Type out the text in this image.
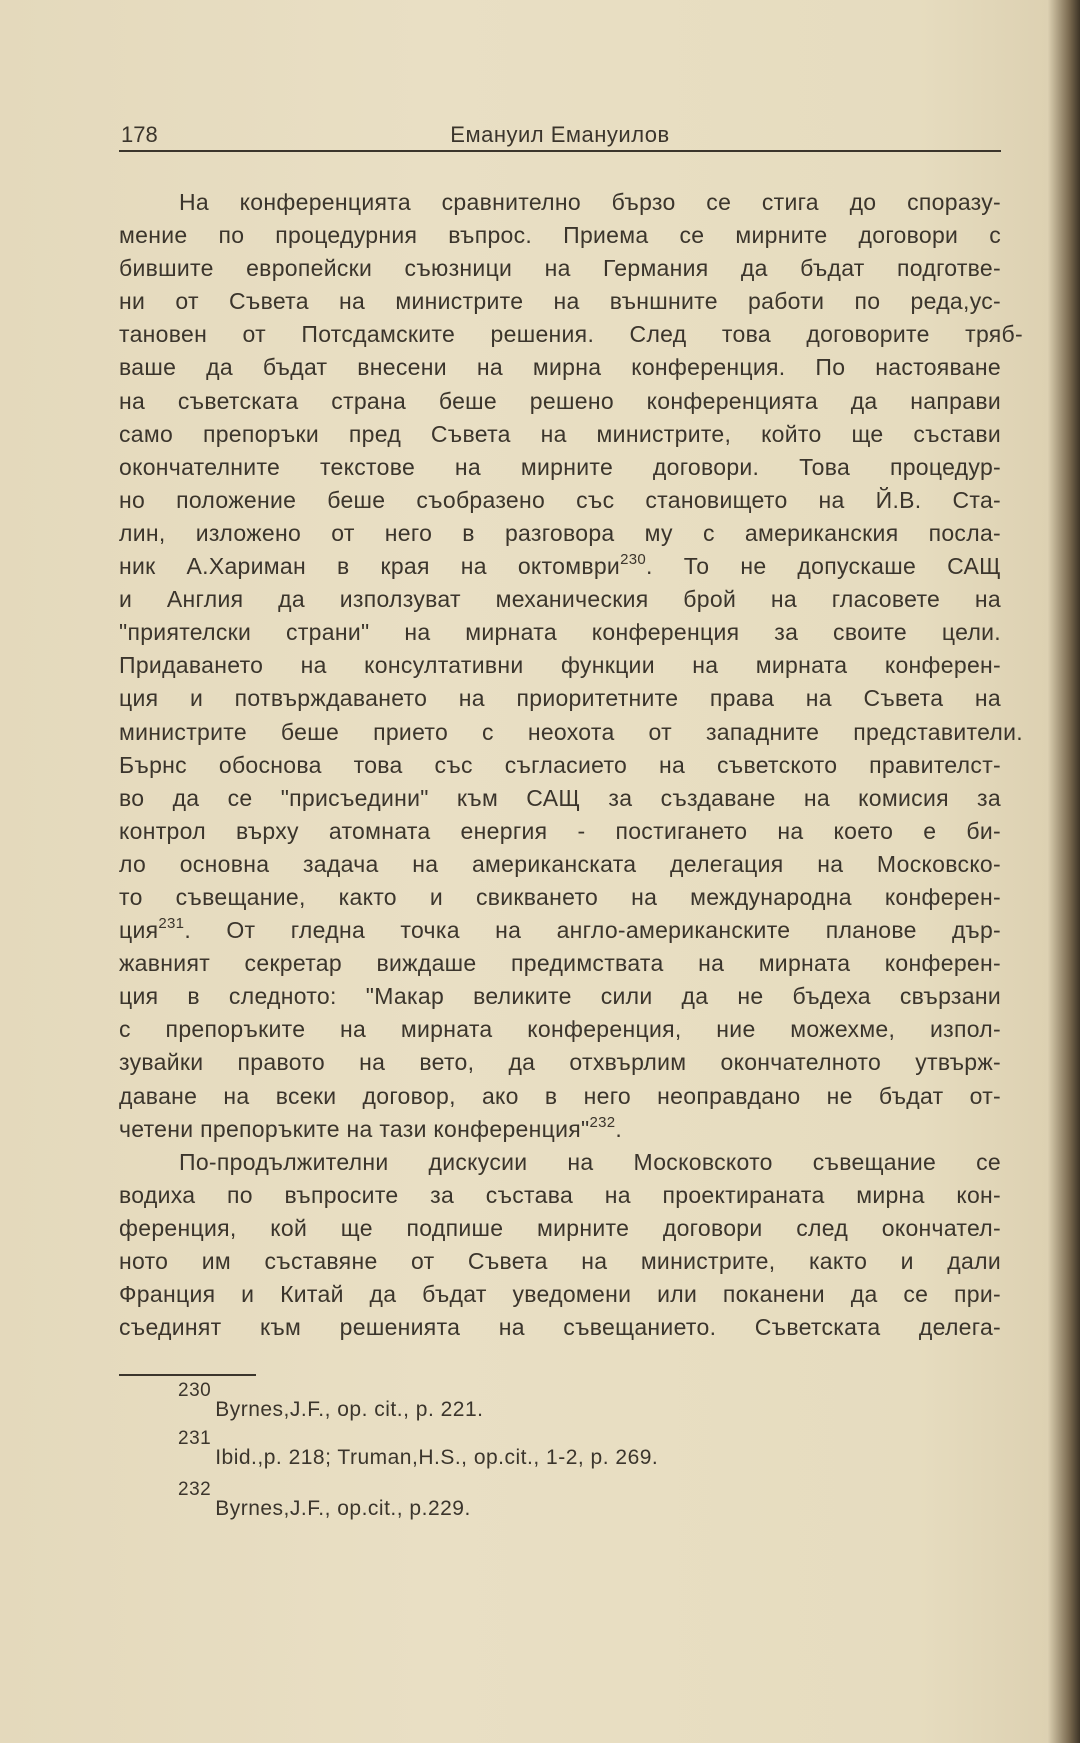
178	Емануил Емануилов
На конференцията сравнително бързо се стига до споразу-
мение по процедурния въпрос. Приема се мирните договори с
бившите европейски съюзници на Германия да бъдат подготве-
ни от Съвета на министрите на външните работи по реда,ус-
тановен от Потсдамските решения. След това договорите тряб-
ваше да бъдат внесени на мирна конференция. По настояване
на съветската страна беше решено конференцията да направи
само препоръки пред Съвета на министрите, който ще състави
окончателните текстове на мирните договори. Това процедур-
но положение беше съобразено със становището на Й.В. Ста-
лин, изложено от него в разговора му с американския посла-
ник А.Хариман в края на октомври$^{230}$. То не допускаше САЩ
и Англия да използуват механическия брой на гласовете на
"приятелски страни" на мирната конференция за своите цели.
Придаването на консултативни функции на мирната конферен-
ция и потвърждаването на приоритетните права на Съвета на
министрите беше прието с неохота от западните представители.
Бърнс обоснова това със съгласието на съветското правителст-
во да се "присъедини" към САЩ за създаване на комисия за
контрол върху атомната енергия - постигането на което е би-
ло основна задача на американската делегация на Московско-
то съвещание, както и свикването на международна конферен-
ция$^{231}$. От гледна точка на англо-американските планове дър-
жавният секретар виждаше предимствата на мирната конферен-
ция в следното: "Макар великите сили да не бъдеха свързани
с препоръките на мирната конференция, ние можехме, изпол-
зувайки правото на вето, да отхвърлим окончателното утвърж-
даване на всеки договор, ако в него неоправдано не бъдат от-
четени препоръките на тази конференция"$^{232}$.
По-продължителни дискусии на Московското съвещание се
водиха по въпросите за състава на проектираната мирна кон-
ференция, кой ще подпише мирните договори след окончател-
ното им съставяне от Съвета на министрите, както и дали
Франция и Китай да бъдат уведомени или поканени да се при-
съединят към решенията на съвещанието. Съветската делега-
230Byrnes,J.F., op. cit., p. 221.
231Ibid.,p. 218; Truman,H.S., op.cit., 1-2, p. 269.
232Byrnes,J.F., op.cit., p.229.
